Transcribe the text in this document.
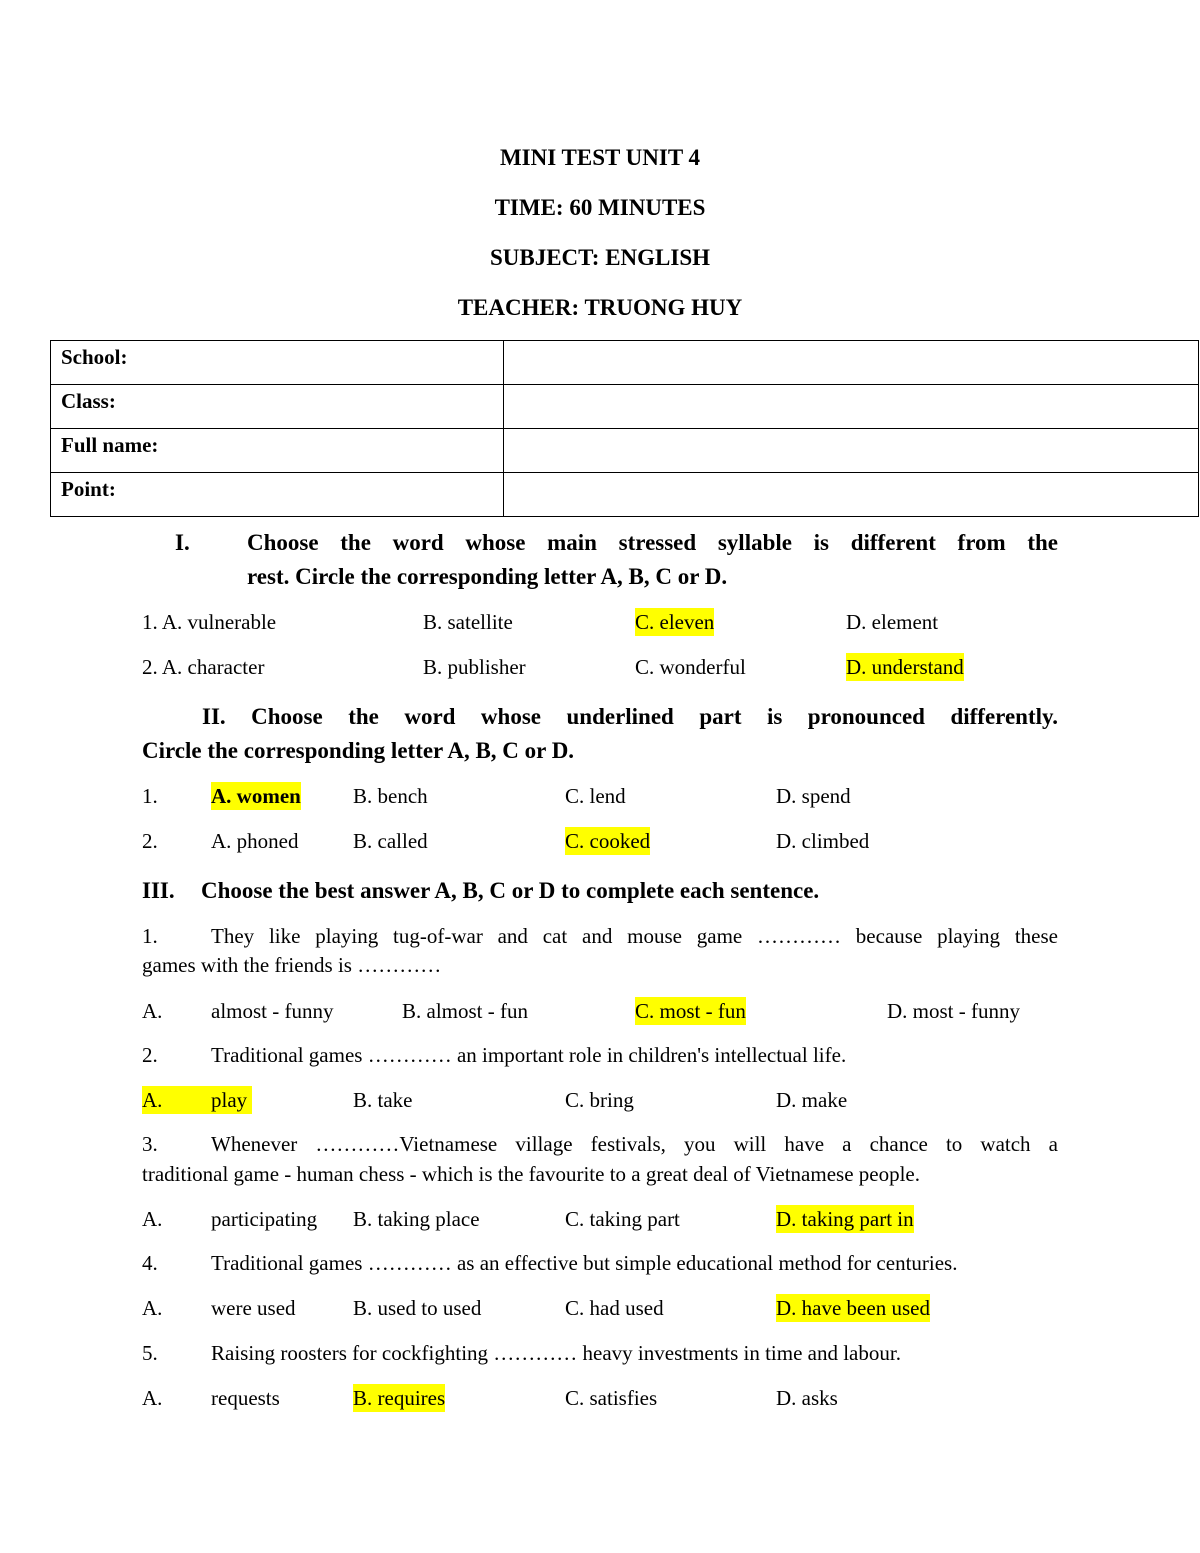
MINI TEST UNIT 4
TIME: 60 MINUTES
SUBJECT: ENGLISH
TEACHER: TRUONG HUY
School:	
Class:	
Full name:	
Point:	
I. Choose the word whose main stressed syllable is different from the
rest. Circle the corresponding letter A, B, C or D.
1. A. vulnerable	B. satellite	C. eleven	D. element
2. A. character	B. publisher	C. wonderful	D. understand
II. Choose the word whose underlined part is pronounced differently.
Circle the corresponding letter A, B, C or D.
1.	A. women B. bench	C. lend	D. spend
2.	A. phoned	B. called	C. cooked	D. climbed
III. Choose the best answer A, B, C or D to complete each sentence.
1.	They like playing tug-of-war and cat and mouse game ………… because playing these
games with the friends is …………
A. almost - funny	B. almost - fun	C. most - fun	D. most - funny
2.	Traditional games ………… an important role in children's intellectual life.
A. play	B. take	C. bring	D. make
3.	Whenever …………Vietnamese village festivals, you will have a chance to watch a
traditional game - human chess - which is the favourite to a great deal of Vietnamese people.
A. participating B. taking place	C. taking part	D. taking part in
4.	Traditional games ………… as an effective but simple educational method for centuries.
A. were used	B. used to used	C. had used	D. have been used
5.	Raising roosters for cockfighting ………… heavy investments in time and labour.
A. requests	B. requires	C. satisfies	D. asks
